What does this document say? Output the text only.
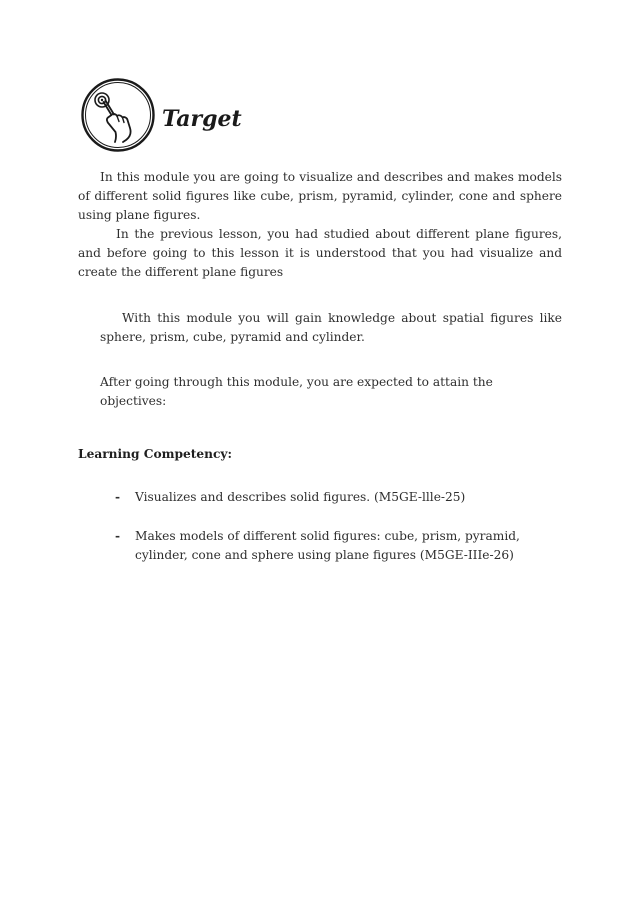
Target

In this module you are going to visualize and describes and makes models of different solid figures like cube, prism, pyramid, cylinder, cone and sphere using plane figures.

In the previous lesson, you had studied about different plane figures, and before going to this lesson it is understood that you had visualize and create the different plane figures

With this module you will gain knowledge about spatial figures like sphere, prism, cube, pyramid and cylinder.

After going through this module, you are expected to attain the objectives:

Learning Competency:
- Visualizes and describes solid figures. (M5GE-llle-25)
- Makes models of different solid figures: cube, prism, pyramid, cylinder, cone and sphere using plane figures (M5GE-IIIe-26)
